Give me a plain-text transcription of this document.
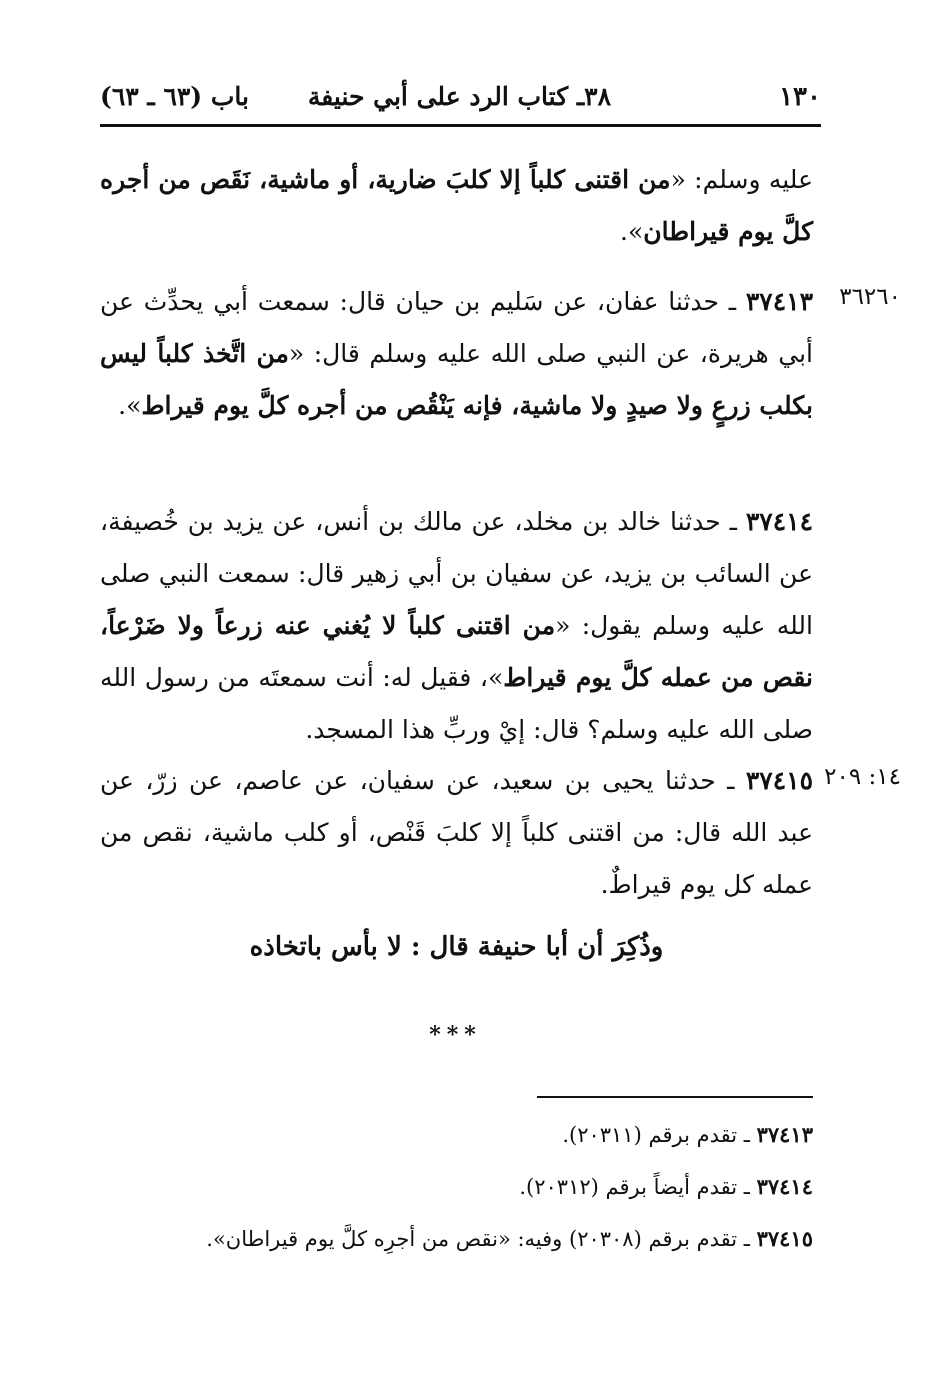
١٣٠
٣٨ـ كتاب الرد على أبي حنيفة
باب (٦٣ ـ ٦٣)
عليه وسلم: «من اقتنى كلباً إلا كلبَ ضارية، أو ماشية، نَقَص من أجره كلَّ يوم قيراطان».
٣٦٢٦٠
٣٧٤١٣ ـ حدثنا عفان، عن سَليم بن حيان قال: سمعت أبي يحدِّث عن أبي هريرة، عن النبي صلى الله عليه وسلم قال: «من اتَّخذ كلباً ليس بكلب زرعٍ ولا صيدٍ ولا ماشية، فإنه يَنْقُص من أجره كلَّ يوم قيراط».
٣٧٤١٤ ـ حدثنا خالد بن مخلد، عن مالك بن أنس، عن يزيد بن خُصيفة، عن السائب بن يزيد، عن سفيان بن أبي زهير قال: سمعت النبي صلى الله عليه وسلم يقول: «من اقتنى كلباً لا يُغني عنه زرعاً ولا ضَرْعاً، نقص من عمله كلَّ يوم قيراط»، فقيل له: أنت سمعتَه من رسول الله صلى الله عليه وسلم؟ قال: إيْ وربِّ هذا المسجد.
١٤: ٢٠٩
٣٧٤١٥ ـ حدثنا يحيى بن سعيد، عن سفيان، عن عاصم، عن زرّ، عن عبد الله قال: من اقتنى كلباً إلا كلبَ قَنْص، أو كلب ماشية، نقص من عمله كل يوم قيراطٌ.
وذُكِرَ أن أبا حنيفة قال : لا بأس باتخاذه
***
٣٧٤١٣ ـ تقدم برقم (٢٠٣١١).
٣٧٤١٤ ـ تقدم أيضاً برقم (٢٠٣١٢).
٣٧٤١٥ ـ تقدم برقم (٢٠٣٠٨) وفيه: «نقص من أجرِه كلَّ يوم قيراطان».
